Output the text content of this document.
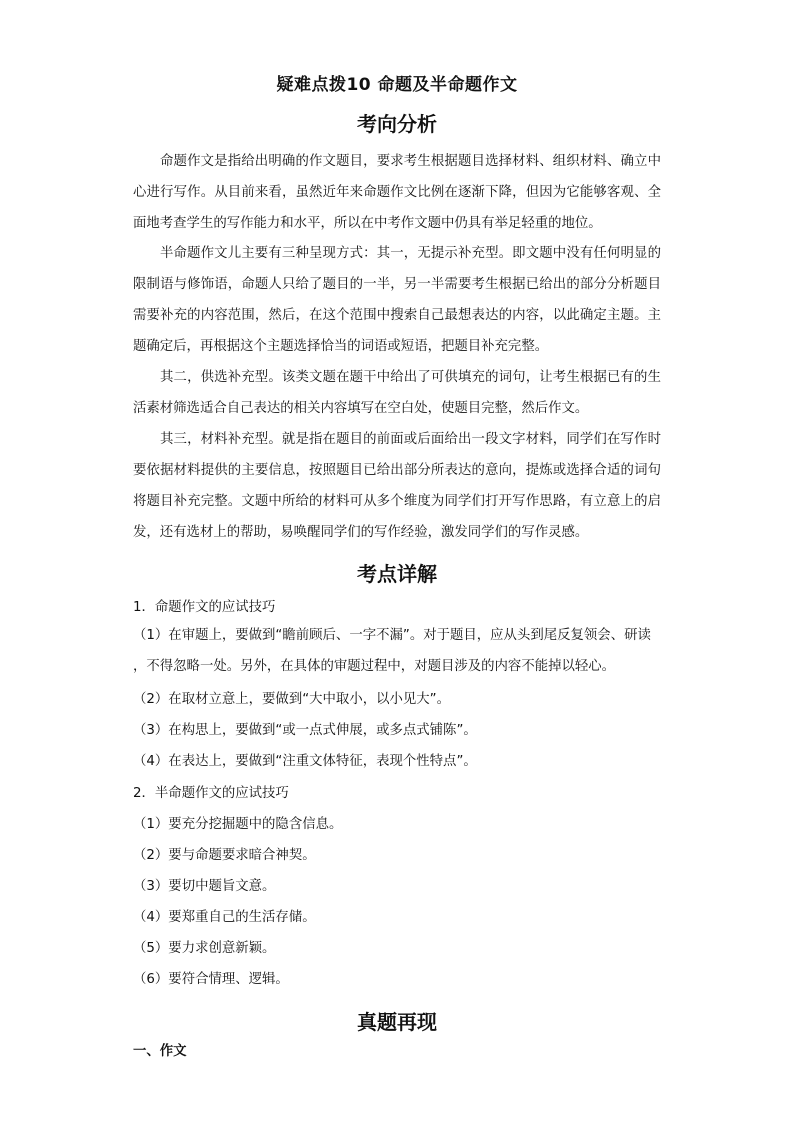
疑难点拨10 命题及半命题作文
考向分析

命题作文是指给出明确的作文题目，要求考生根据题目选择材料、组织材料、确立中心进行写作。从目前来看，虽然近年来命题作文比例在逐渐下降，但因为它能够客观、全面地考查学生的写作能力和水平，所以在中考作文题中仍具有举足轻重的地位。

半命题作文儿主要有三种呈现方式：其一，无提示补充型。即文题中没有任何明显的限制语与修饰语，命题人只给了题目的一半，另一半需要考生根据已给出的部分分析题目需要补充的内容范围，然后，在这个范围中搜索自己最想表达的内容，以此确定主题。主题确定后，再根据这个主题选择恰当的词语或短语，把题目补充完整。

其二，供选补充型。该类文题在题干中给出了可供填充的词句，让考生根据已有的生活素材筛选适合自己表达的相关内容填写在空白处，使题目完整，然后作文。

其三，材料补充型。就是指在题目的前面或后面给出一段文字材料，同学们在写作时要依据材料提供的主要信息，按照题目已给出部分所表达的意向，提炼或选择合适的词句将题目补充完整。文题中所给的材料可从多个维度为同学们打开写作思路，有立意上的启发，还有选材上的帮助，易唤醒同学们的写作经验，激发同学们的写作灵感。

考点详解
1．命题作文的应试技巧

（1）在审题上，要做到“瞻前顾后、一字不漏”。对于题目，应从头到尾反复领会、研读 ，不得忽略一处。另外，在具体的审题过程中，对题目涉及的内容不能掉以轻心。

（2）在取材立意上，要做到“大中取小，以小见大”。
（3）在构思上，要做到“或一点式伸展，或多点式铺陈”。
（4）在表达上，要做到“注重文体特征，表现个性特点”。
2．半命题作文的应试技巧
（1）要充分挖掘题中的隐含信息。
（2）要与命题要求暗合神契。
（3）要切中题旨文意。
（4）要郑重自己的生活存储。
（5）要力求创意新颖。
（6）要符合情理、逻辑。
真题再现
一、作文
